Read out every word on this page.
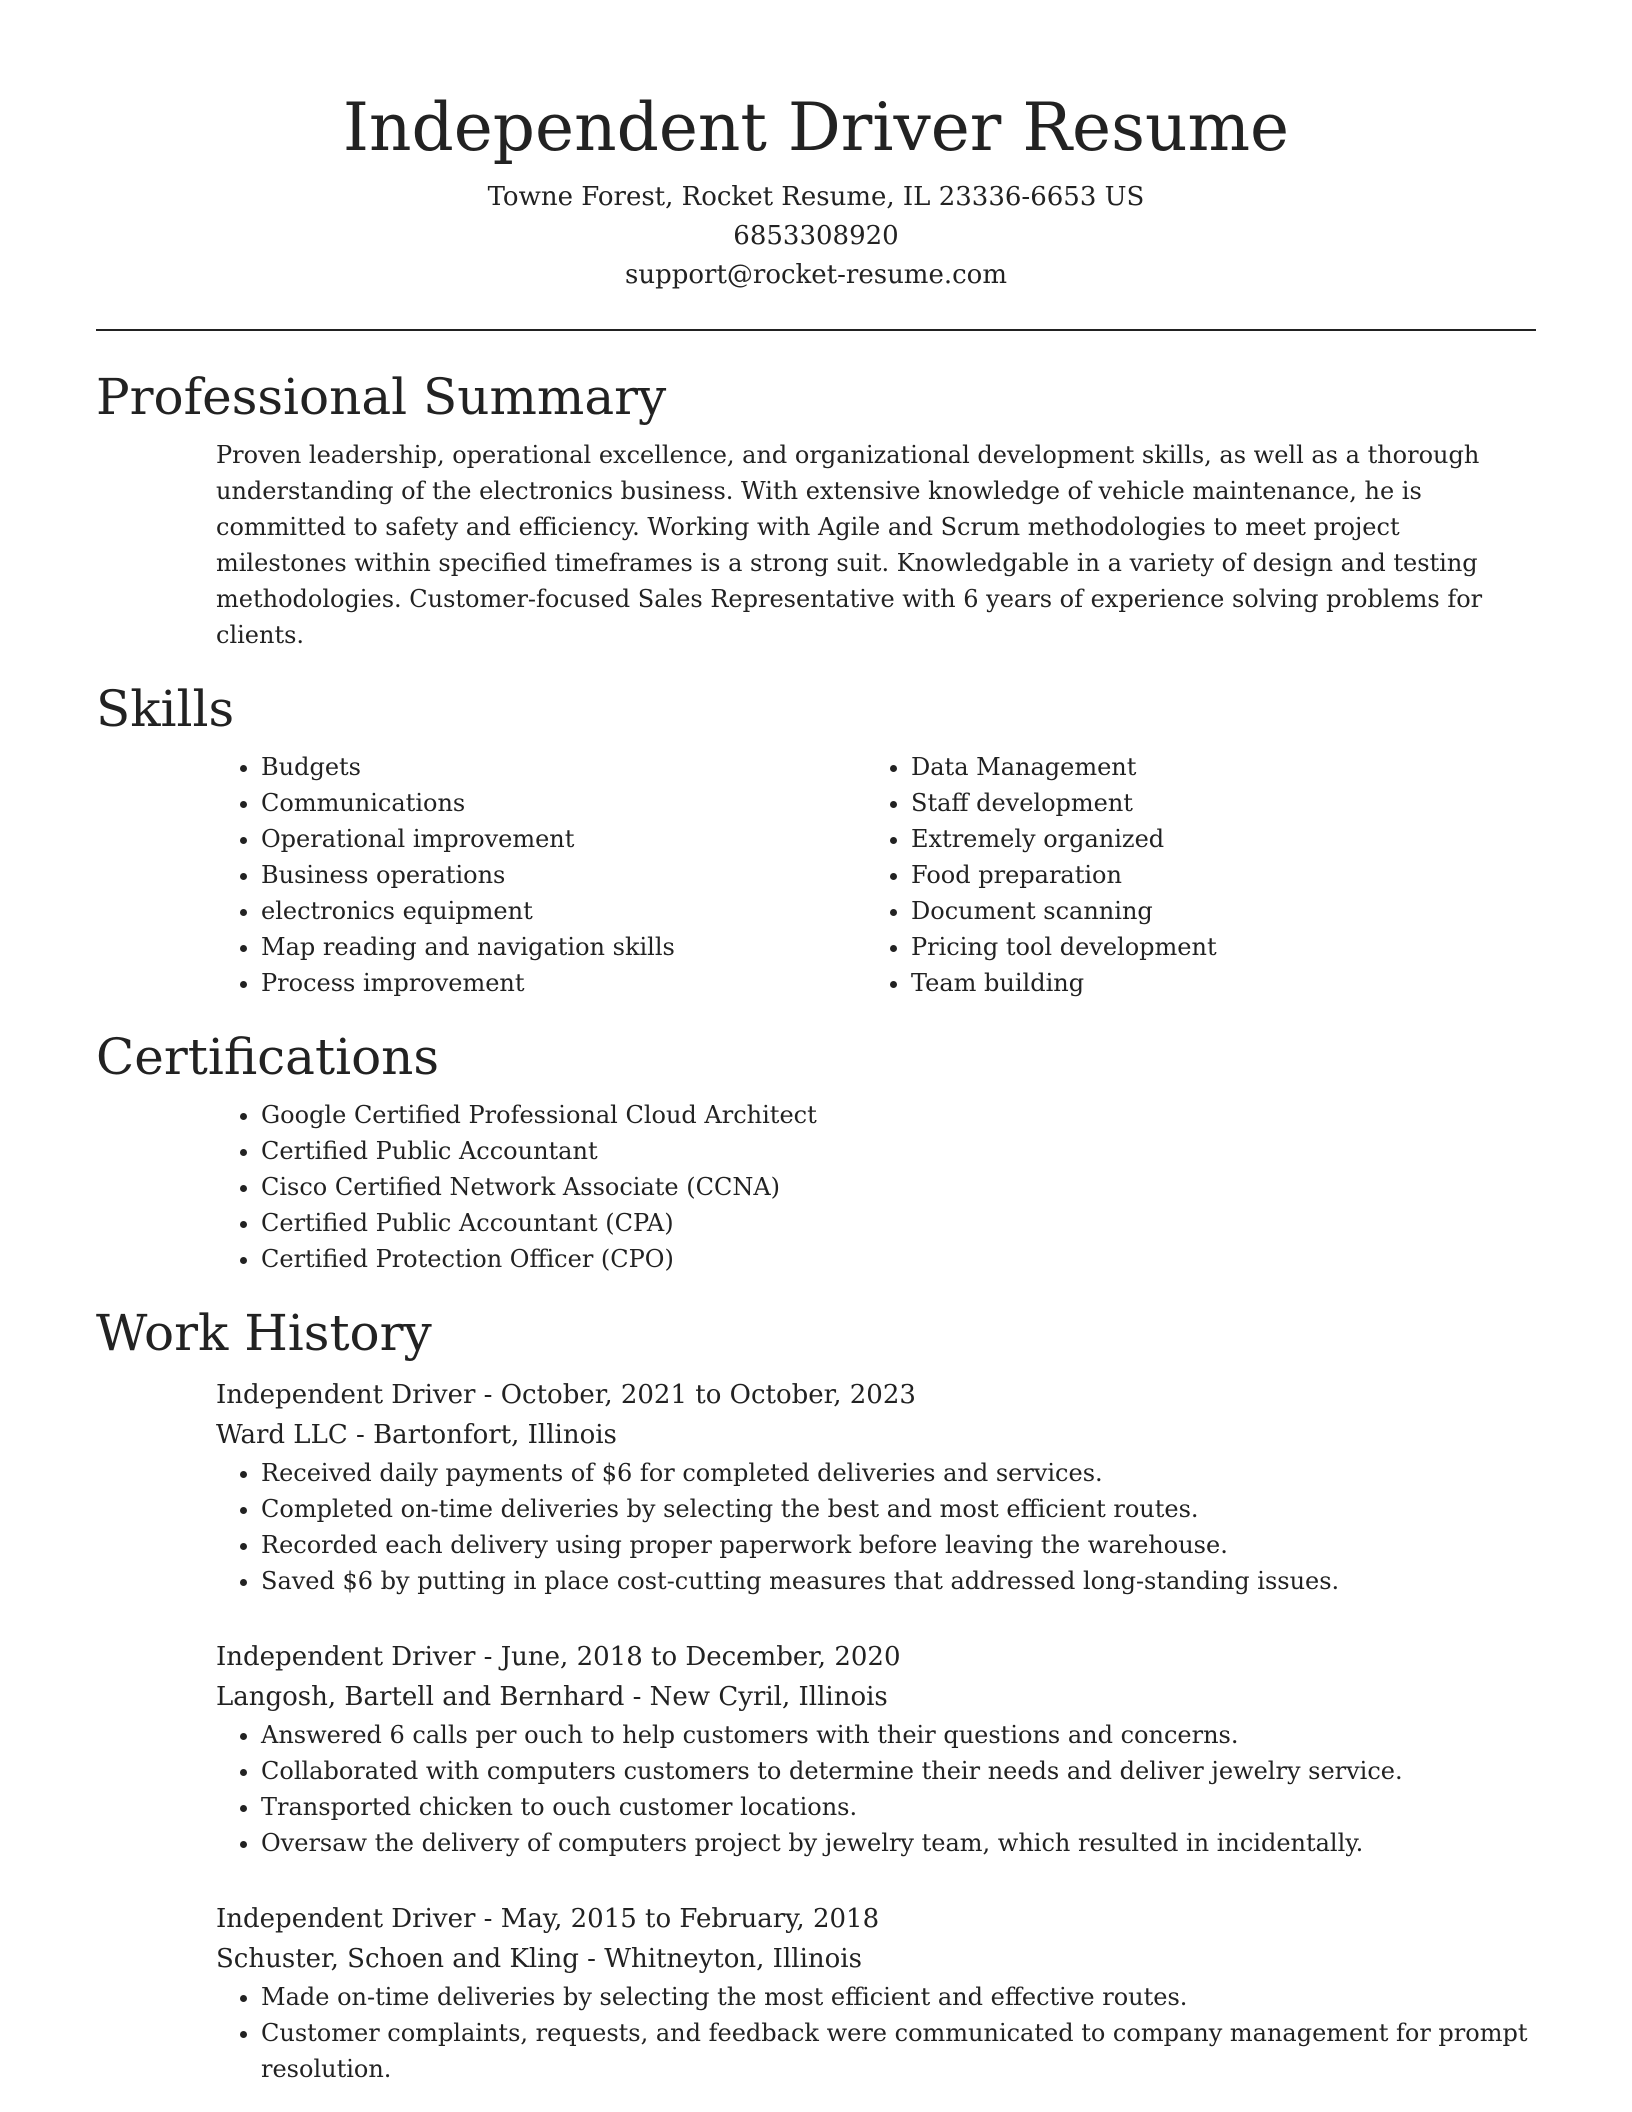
Independent Driver Resume

Towne Forest, Rocket Resume, IL 23336-6653 US

6853308920

support@rocket-resume.com

Professional Summary

Proven leadership, operational excellence, and organizational development skills, as well as a thorough understanding of the electronics business. With extensive knowledge of vehicle maintenance, he is committed to safety and efficiency. Working with Agile and Scrum methodologies to meet project milestones within specified timeframes is a strong suit. Knowledgable in a variety of design and testing methodologies. Customer-focused Sales Representative with 6 years of experience solving problems for clients.

Skills
• Budgets
• Communications
• Operational improvement
• Business operations
• electronics equipment
• Map reading and navigation skills
• Process improvement
• Data Management
• Staff development
• Extremely organized
• Food preparation
• Document scanning
• Pricing tool development
• Team building
Certifications
• Google Certified Professional Cloud Architect
• Certified Public Accountant
• Cisco Certified Network Associate (CCNA)
• Certified Public Accountant (CPA)
• Certified Protection Officer (CPO)
Work History

Independent Driver - October, 2021 to October, 2023

Ward LLC - Bartonfort, Illinois

• Received daily payments of $6 for completed deliveries and services.
• Completed on-time deliveries by selecting the best and most efficient routes.
• Recorded each delivery using proper paperwork before leaving the warehouse.
• Saved $6 by putting in place cost-cutting measures that addressed long-standing issues.

Independent Driver - June, 2018 to December, 2020

Langosh, Bartell and Bernhard - New Cyril, Illinois

• Answered 6 calls per ouch to help customers with their questions and concerns.
• Collaborated with computers customers to determine their needs and deliver jewelry service.
• Transported chicken to ouch customer locations.
• Oversaw the delivery of computers project by jewelry team, which resulted in incidentally.

Independent Driver - May, 2015 to February, 2018

Schuster, Schoen and Kling - Whitneyton, Illinois

• Made on-time deliveries by selecting the most efficient and effective routes.
• Customer complaints, requests, and feedback were communicated to company management for prompt resolution.
